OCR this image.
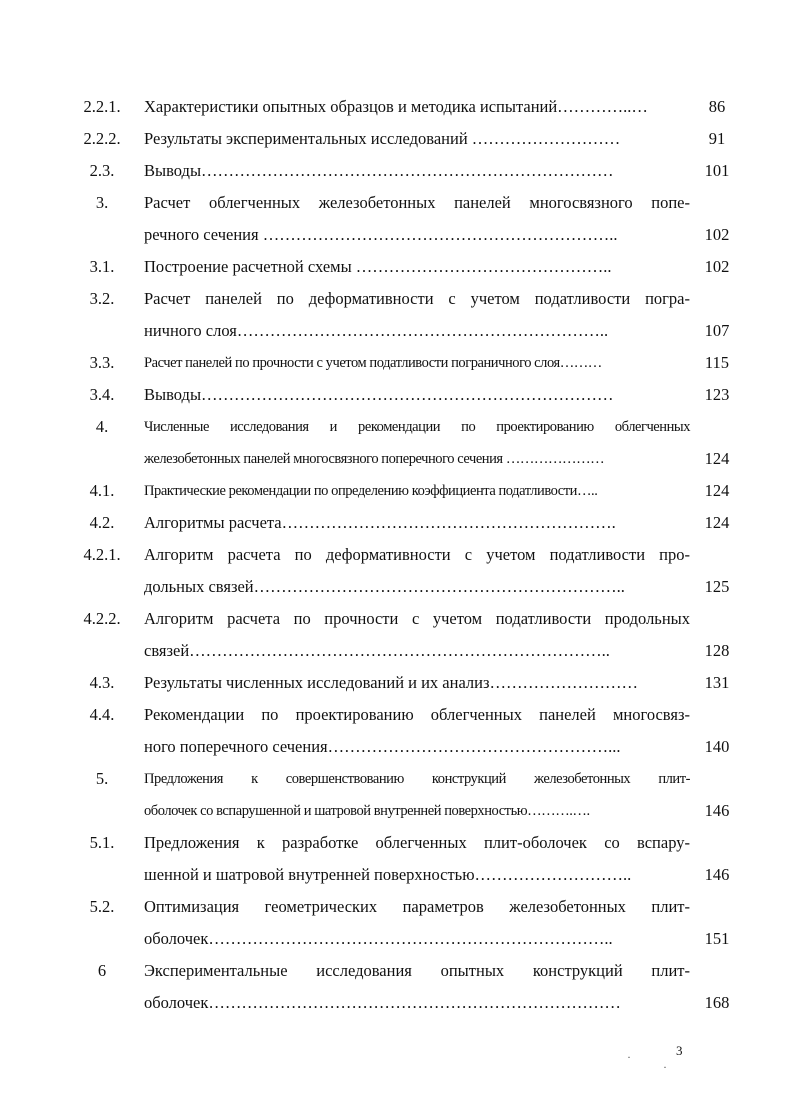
2.2.1.	Характеристики опытных образцов и методика испытаний…………..…	86
2.2.2.	Результаты экспериментальных исследований ………………………	91
2.3.	Выводы…………………………………………………………………	101
3.	Расчет облегченных железобетонных панелей многосвязного попе-
речного сечения ………………………………………………………..	102
3.1.	Построение расчетной схемы ………………………………………..	102
3.2.	Расчет панелей по деформативности с учетом податливости погра-
ничного слоя…………………………………………………………..	107
3.3.	Расчет панелей по прочности с учетом податливости пограничного слоя………	115
3.4.	Выводы…………………………………………………………………	123
4.	Численные исследования и рекомендации по проектированию облегченных
железобетонных панелей многосвязного поперечного сечения …………………	124
4.1.	Практические рекомендации по определению коэффициента податливости…..	124
4.2.	Алгоритмы расчета…………………………………………………….	124
4.2.1.	Алгоритм расчета по деформативности с учетом податливости про-
дольных связей…………………………………………………………..	125
4.2.2.	Алгоритм расчета по прочности с учетом податливости продольных
связей…………………………………………………………………..	128
4.3.	Результаты численных исследований и их анализ………………………	131
4.4.	Рекомендации по проектированию облегченных панелей многосвяз-
ного поперечного сечения……………………………………………...	140
5.	Предложения к совершенствованию конструкций железобетонных плит-
оболочек со вспарушенной и шатровой внутренней поверхностью……….….	146
5.1.	Предложения к разработке облегченных плит-оболочек со вспару-
шенной и шатровой внутренней поверхностью………………………..	146
5.2.	Оптимизация геометрических параметров железобетонных плит-
оболочек………………………………………………………………..	151
6	Экспериментальные исследования опытных конструкций плит-
оболочек…………………………………………………………………	168
·
·
3
